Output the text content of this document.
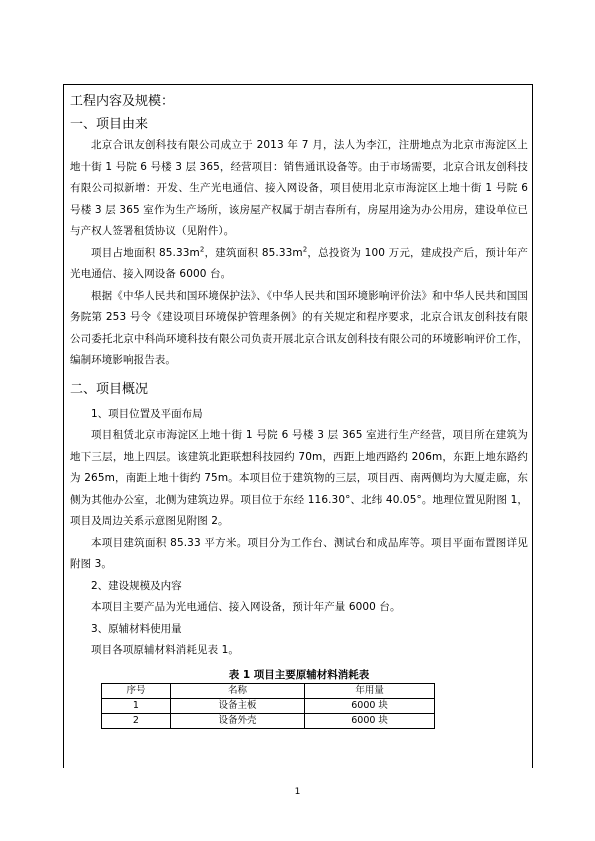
工程内容及规模：

一、项目由来

北京合讯友创科技有限公司成立于 2013 年 7 月，法人为李江，注册地点为北京市海淀区上地十街 1 号院 6 号楼 3 层 365，经营项目：销售通讯设备等。由于市场需要，北京合讯友创科技有限公司拟新增：开发、生产光电通信、接入网设备，项目使用北京市海淀区上地十街 1 号院 6 号楼 3 层 365 室作为生产场所，该房屋产权属于胡吉春所有，房屋用途为办公用房，建设单位已与产权人签署租赁协议（见附件）。

项目占地面积 $85.33m^2$，建筑面积 $85.33m^2$，总投资为 100 万元，建成投产后，预计年产光电通信、接入网设备 6000 台。

根据《中华人民共和国环境保护法》、《中华人民共和国环境影响评价法》和中华人民共和国国务院第 253 号令《建设项目环境保护管理条例》的有关规定和程序要求，北京合讯友创科技有限公司委托北京中科尚环境科技有限公司负责开展北京合讯友创科技有限公司的环境影响评价工作，编制环境影响报告表。

二、项目概况

1、项目位置及平面布局

项目租赁北京市海淀区上地十街 1 号院 6 号楼 3 层 365 室进行生产经营，项目所在建筑为地下三层，地上四层。该建筑北距联想科技园约 70m，西距上地西路约 206m，东距上地东路约为 265m，南距上地十街约 75m。本项目位于建筑物的三层，项目西、南两侧均为大厦走廊，东侧为其他办公室，北侧为建筑边界。项目位于东经 116.30°、北纬 40.05°。地理位置见附图 1，项目及周边关系示意图见附图 2。

本项目建筑面积 85.33 平方米。项目分为工作台、测试台和成品库等。项目平面布置图详见附图 3。

2、建设规模及内容

本项目主要产品为光电通信、接入网设备，预计年产量 6000 台。

3、原辅材料使用量

项目各项原辅材料消耗见表 1。

表 1 项目主要原辅材料消耗表

序号	名称	年用量
1	设备主板	6000 块
2	设备外壳	6000 块
1
